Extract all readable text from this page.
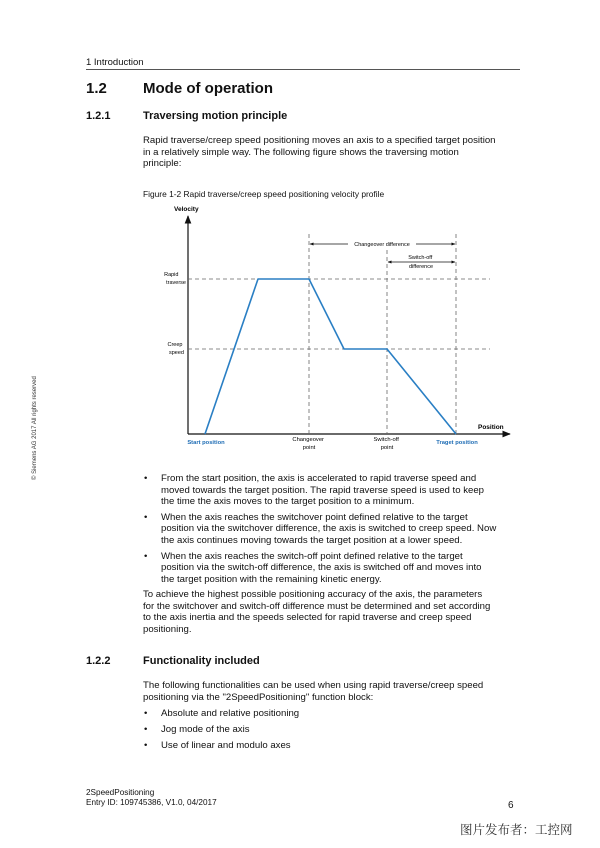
1 Introduction
1.2 Mode of operation
1.2.1	Traversing motion principle
Rapid traverse/creep speed positioning moves an axis to a specified target position
in a relatively simple way. The following figure shows the traversing motion
principle:
Figure 1-2 Rapid traverse/creep speed positioning velocity profile
Velocity
Position
Rapid traverse
Creep speed
Changeover difference
Switch-off difference
Start position	Changeover point
Switch-off point
Traget position
• From the start position, the axis is accelerated to rapid traverse speed and
moved towards the target position. The rapid traverse speed is used to keep
the time the axis moves to the target position to a minimum.
• When the axis reaches the switchover point defined relative to the target
position via the switchover difference, the axis is switched to creep speed. Now
the axis continues moving towards the target position at a lower speed.
• When the axis reaches the switch-off point defined relative to the target
position via the switch-off difference, the axis is switched off and moves into
the target position with the remaining kinetic energy.
To achieve the highest possible positioning accuracy of the axis, the parameters
for the switchover and switch-off difference must be determined and set according
to the axis inertia and the speeds selected for rapid traverse and creep speed
positioning.
1.2.2	Functionality included
The following functionalities can be used when using rapid traverse/creep speed
positioning via the "2SpeedPositioning" function block:
• Absolute and relative positioning
• Jog mode of the axis
• Use of linear and modulo axes
© Siemens AG 2017 All rights reserved
2SpeedPositioning
Entry ID: 109745386, V1.0, 04/2017	6
图片发布者：工控网
